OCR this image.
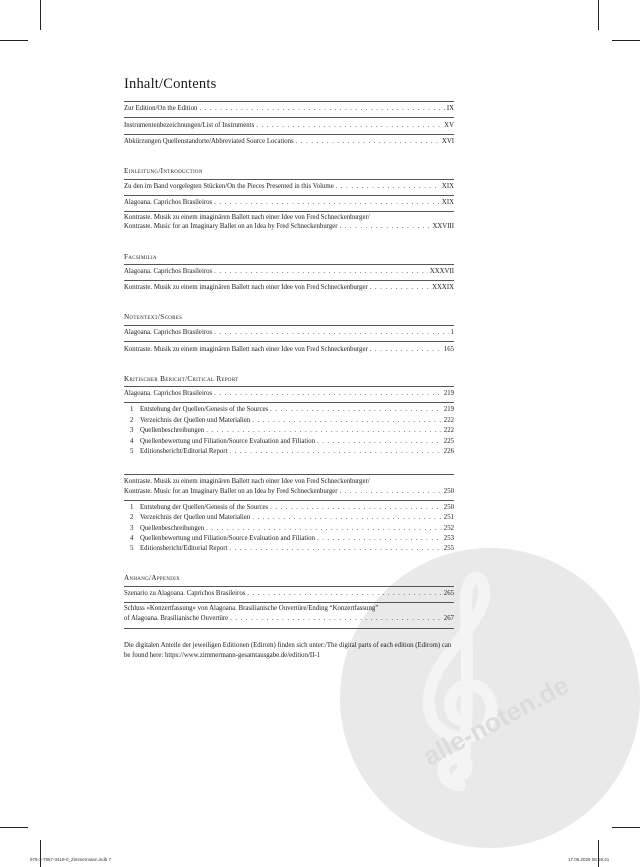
alle-noten.de
Inhalt/Contents
Zur Edition/On the Edition . . .	IX
Instrumentenbezeichnungen/List of Instruments . . .	XV
Abkürzungen Quellenstandorte/Abbreviated Source Locations . . .	XVI
Einleitung/Introduction
Zu den im Band vorgelegten Stücken/On the Pieces Presented in this Volume . . .	XIX
Alagoana. Caprichos Brasileiros . . .	XIX
Kontraste. Musik zu einem imaginären Ballett nach einer Idee von Fred Schneckenburger/
Kontraste. Music for an Imaginary Ballet on an Idea by Fred Schneckenburger . . .	XXVIII
Facsimilia
Alagoana. Caprichos Brasileiros . . .	XXXVII
Kontraste. Musik zu einem imaginären Ballett nach einer Idee von Fred Schneckenburger . . .	XXXIX
Notentext/Scores
Alagoana. Caprichos Brasileiros . . .	1
Kontraste. Musik zu einem imaginären Ballett nach einer Idee von Fred Schneckenburger . . .	165
Kritischer Bericht/Critical Report
Alagoana. Caprichos Brasileiros . . .	219
1 Entstehung der Quellen/Genesis of the Sources . . .	219
2 Verzeichnis der Quellen und Materialien . . .	222
3 Quellenbeschreibungen . . .	222
4 Quellenbewertung und Filiation/Source Evaluation and Filiation . . .	225
5 Editionsbericht/Editorial Report . . .	226
Kontraste. Musik zu einem imaginären Ballett nach einer Idee von Fred Schneckenburger/
Kontraste. Music for an Imaginary Ballet on an Idea by Fred Schneckenburger . . .	250
1 Entstehung der Quellen/Genesis of the Sources . . .	250
2 Verzeichnis der Quellen und Materialien . . .	251
3 Quellenbeschreibungen . . .	252
4 Quellenbewertung und Filiation/Source Evaluation and Filiation . . .	253
5 Editionsbericht/Editorial Report . . .	255
Anhang/Appendix
Szenario zu Alagoana. Caprichos Brasileiros . . .	265
Schluss »Konzertfassung« von Alagoana. Brasilianische Ouvertüre/Ending “Konzertfassung”
of Alagoana. Brasilianische Ouvertüre . . .	267
Die digitalen Anteile der jeweiligen Editionen (Edirom) finden sich unter:/The digital parts of each edition (Edirom) can be found here: https://www.zimmermann-gesamtausgabe.de/edition/II-1
978-3-7957-3419-0_Zimmermann.indb 7	17.06.2025 08:59:41
